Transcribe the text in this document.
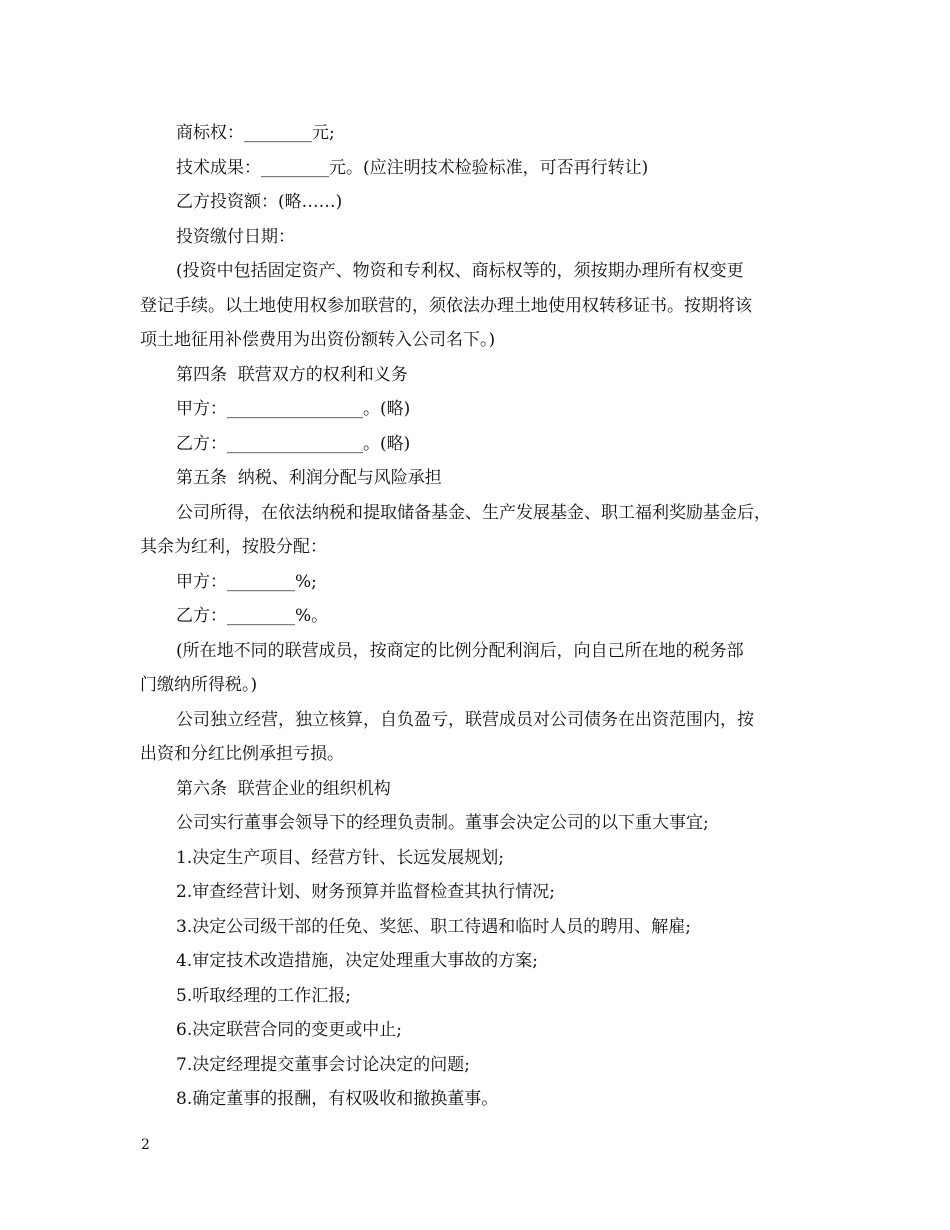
商标权：________元;

技术成果：________元。(应注明技术检验标准，可否再行转让)

乙方投资额：(略……)

投资缴付日期：

(投资中包括固定资产、物资和专利权、商标权等的，须按期办理所有权变更

登记手续。以土地使用权参加联营的，须依法办理土地使用权转移证书。按期将该

项土地征用补偿费用为出资份额转入公司名下。)

第四条  联营双方的权利和义务

甲方：________________。(略)

乙方：________________。(略)

第五条  纳税、利润分配与风险承担

公司所得，在依法纳税和提取储备基金、生产发展基金、职工福利奖励基金后，

其余为红利，按股分配：

甲方：________%;

乙方：________%。

(所在地不同的联营成员，按商定的比例分配利润后，向自己所在地的税务部

门缴纳所得税。)

公司独立经营，独立核算，自负盈亏，联营成员对公司债务在出资范围内，按

出资和分红比例承担亏损。

第六条  联营企业的组织机构

公司实行董事会领导下的经理负责制。董事会决定公司的以下重大事宜;

1.决定生产项目、经营方针、长远发展规划;

2.审查经营计划、财务预算并监督检查其执行情况;

3.决定公司级干部的任免、奖惩、职工待遇和临时人员的聘用、解雇;

4.审定技术改造措施，决定处理重大事故的方案;

5.听取经理的工作汇报;

6.决定联营合同的变更或中止;

7.决定经理提交董事会讨论决定的问题;

8.确定董事的报酬，有权吸收和撤换董事。

2
